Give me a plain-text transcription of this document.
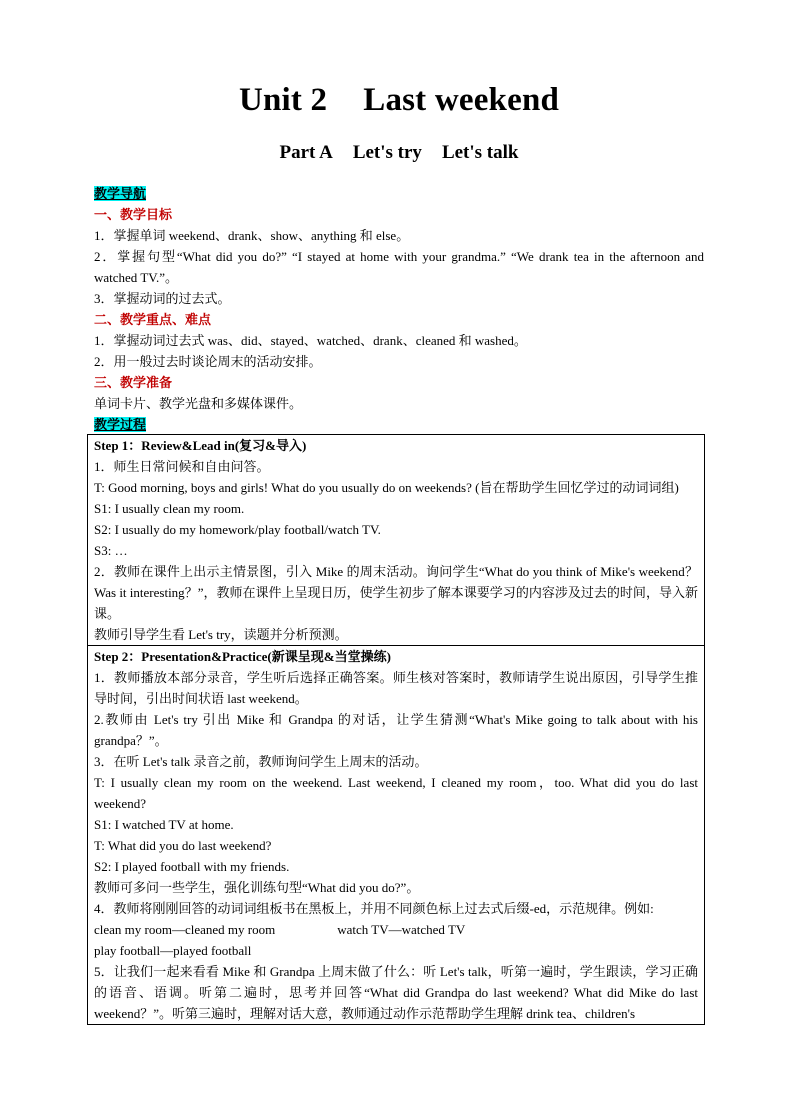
Unit 2 Last weekend
Part A Let's try Let's talk

教学导航

一、教学目标

1．掌握单词 weekend、drank、show、anything 和 else。

2．掌握句型“What did you do?” “I stayed at home with your grandma.” “We drank tea in the afternoon and watched TV.”。

3．掌握动词的过去式。

二、教学重点、难点

1．掌握动词过去式 was、did、stayed、watched、drank、cleaned 和 washed。

2．用一般过去时谈论周末的活动安排。

三、教学准备

单词卡片、教学光盘和多媒体课件。

教学过程

Step 1：Review&Lead in(复习&导入)

1．师生日常问候和自由问答。

T: Good morning, boys and girls! What do you usually do on weekends? (旨在帮助学生回忆学过的动词词组)

S1: I usually clean my room.

S2: I usually do my homework/play football/watch TV.

S3: …

2．教师在课件上出示主情景图，引入 Mike 的周末活动。询问学生“What do you think of Mike's weekend？Was it interesting？”，教师在课件上呈现日历，使学生初步了解本课要学习的内容涉及过去的时间，导入新课。

教师引导学生看 Let's try，读题并分析预测。

Step 2：Presentation&Practice(新课呈现&当堂操练)

1．教师播放本部分录音，学生听后选择正确答案。师生核对答案时，教师请学生说出原因，引导学生推导时间，引出时间状语 last weekend。

2.教师由 Let's try 引出 Mike 和 Grandpa 的对话，让学生猜测“What's Mike going to talk about with his grandpa？”。

3．在听 Let's talk 录音之前，教师询问学生上周末的活动。

T: I usually clean my room on the weekend. Last weekend, I cleaned my room，too. What did you do last weekend?

S1: I watched TV at home.

T: What did you do last weekend?

S2: I played football with my friends.

教师可多问一些学生，强化训练句型“What did you do?”。

4．教师将刚刚回答的动词词组板书在黑板上，并用不同颜色标上过去式后缀-ed，示范规律。例如:

clean my room—cleaned my room	watch TV—watched TV

play football—played football

5．让我们一起来看看 Mike 和 Grandpa 上周末做了什么：听 Let's talk，听第一遍时，学生跟读，学习正确的语音、语调。听第二遍时，思考并回答“What did Grandpa do last weekend? What did Mike do last weekend？”。听第三遍时，理解对话大意，教师通过动作示范帮助学生理解 drink tea、children's
